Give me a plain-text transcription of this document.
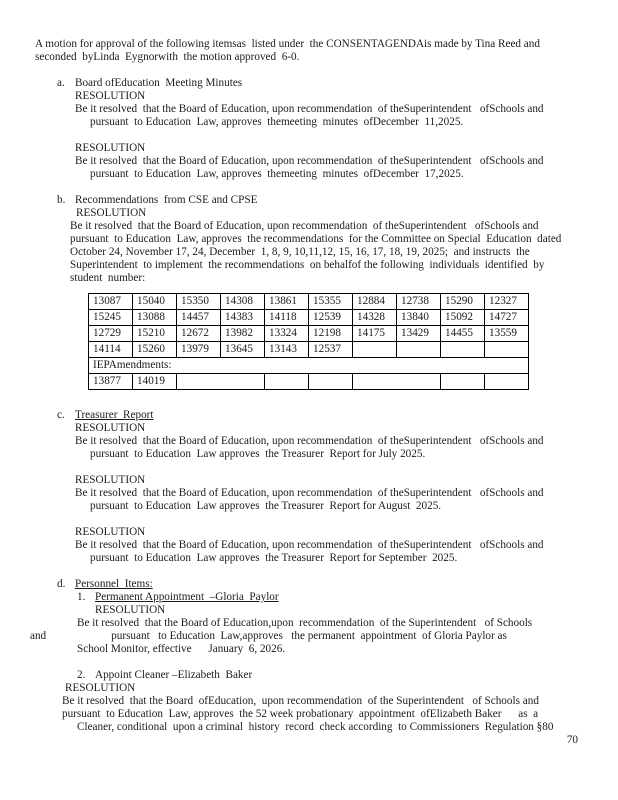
A motion for approval of the following itemsas  listed under  the CONSENTAGENDAis made by Tina Reed and
seconded  byLinda  Eygnorwith  the motion approved  6-0.
a. Board ofEducation  Meeting Minutes
RESOLUTION
Be it resolved  that the Board of Education, upon recommendation  of theSuperintendent   ofSchools and
pursuant  to Education  Law, approves  themeeting  minutes  ofDecember  11,2025.
RESOLUTION
Be it resolved  that the Board of Education, upon recommendation  of theSuperintendent   ofSchools and
pursuant  to Education  Law, approves  themeeting  minutes  ofDecember  17,2025.
b. Recommendations  from CSE and CPSE
RESOLUTION
Be it resolved  that the Board of Education, upon recommendation  of theSuperintendent   ofSchools and
pursuant  to Education  Law, approves  the recommendations  for the Committee on Special  Education  dated
October 24, November 17, 24, December  1, 8, 9, 10,11,12, 15, 16, 17, 18, 19, 2025;  and instructs  the
Superintendent  to implement  the recommendations  on behalfof the following  individuals  identified  by
student  number:
13087	15040	15350	14308	13861	15355	12884	12738	15290	12327
15245	13088	14457	14383	14118	12539	14328	13840	15092	14727
12729	15210	12672	13982	13324	12198	14175	13429	14455	13559
14114	15260	13979	13645	13143	12537				
IEPAmendments:									
13877	14019								
c. Treasurer  Report
RESOLUTION
Be it resolved  that the Board of Education, upon recommendation  of theSuperintendent   ofSchools and
pursuant  to Education  Law approves  the Treasurer  Report for July 2025.
RESOLUTION
Be it resolved  that the Board of Education, upon recommendation  of theSuperintendent   ofSchools and
pursuant  to Education  Law approves  the Treasurer  Report for August  2025.
RESOLUTION
Be it resolved  that the Board of Education, upon recommendation  of theSuperintendent   ofSchools and
pursuant  to Education  Law approves  the Treasurer  Report for September  2025.
d. Personnel  Items:
1. Permanent Appointment  –Gloria  Paylor
RESOLUTION
Be it resolved  that the Board of Education,upon  recommendation  of the Superintendent   of Schools
and	pursuant   to Education  Law,approves   the permanent  appointment  of Gloria Paylor as
School Monitor, effective      January  6, 2026.
2. Appoint Cleaner –Elizabeth  Baker
RESOLUTION
Be it resolved  that the Board  ofEducation,  upon recommendation  of the Superintendent   of Schools and
pursuant  to Education  Law, approves  the 52 week probationary  appointment  ofElizabeth Baker      as  a
Cleaner, conditional  upon a criminal  history  record  check according  to Commissioners  Regulation §80
70
